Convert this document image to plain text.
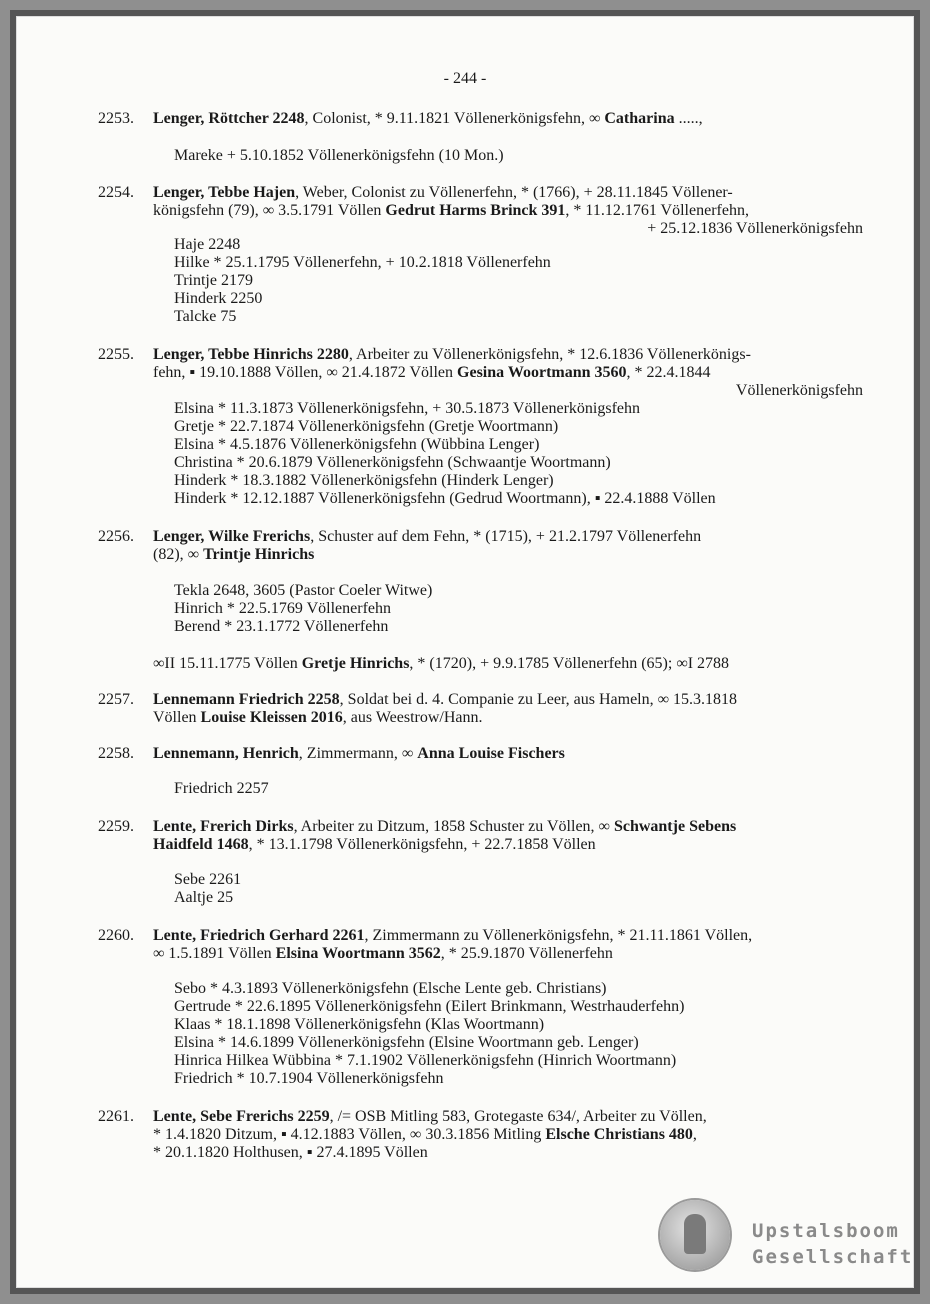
- 244 -
2253. Lenger, Röttcher 2248, Colonist, * 9.11.1821 Völlenerkönigsfehn, ∞ Catharina .....,
Mareke + 5.10.1852 Völlenerkönigsfehn (10 Mon.)
2254. Lenger, Tebbe Hajen, Weber, Colonist zu Völlenerfehn, * (1766), + 28.11.1845 Völlener-
königsfehn (79), ∞ 3.5.1791 Völlen Gedrut Harms Brinck 391, * 11.12.1761 Völlenerfehn,
+ 25.12.1836 Völlenerkönigsfehn
Haje 2248
Hilke * 25.1.1795 Völlenerfehn, + 10.2.1818 Völlenerfehn
Trintje 2179
Hinderk 2250
Talcke 75
2255. Lenger, Tebbe Hinrichs 2280, Arbeiter zu Völlenerkönigsfehn, * 12.6.1836 Völlenerkönigs-
fehn, ▪ 19.10.1888 Völlen, ∞ 21.4.1872 Völlen Gesina Woortmann 3560, * 22.4.1844
Völlenerkönigsfehn
Elsina * 11.3.1873 Völlenerkönigsfehn, + 30.5.1873 Völlenerkönigsfehn
Gretje * 22.7.1874 Völlenerkönigsfehn (Gretje Woortmann)
Elsina * 4.5.1876 Völlenerkönigsfehn (Wübbina Lenger)
Christina * 20.6.1879 Völlenerkönigsfehn (Schwaantje Woortmann)
Hinderk * 18.3.1882 Völlenerkönigsfehn (Hinderk Lenger)
Hinderk * 12.12.1887 Völlenerkönigsfehn (Gedrud Woortmann), ▪ 22.4.1888 Völlen
2256. Lenger, Wilke Frerichs, Schuster auf dem Fehn, * (1715), + 21.2.1797 Völlenerfehn
(82), ∞ Trintje Hinrichs
Tekla 2648, 3605 (Pastor Coeler Witwe)
Hinrich * 22.5.1769 Völlenerfehn
Berend * 23.1.1772 Völlenerfehn
∞II 15.11.1775 Völlen Gretje Hinrichs, * (1720), + 9.9.1785 Völlenerfehn (65); ∞I 2788
2257. Lennemann Friedrich 2258, Soldat bei d. 4. Companie zu Leer, aus Hameln, ∞ 15.3.1818
Völlen Louise Kleissen 2016, aus Weestrow/Hann.
2258. Lennemann, Henrich, Zimmermann, ∞ Anna Louise Fischers
Friedrich 2257
2259. Lente, Frerich Dirks, Arbeiter zu Ditzum, 1858 Schuster zu Völlen, ∞ Schwantje Sebens
Haidfeld 1468, * 13.1.1798 Völlenerkönigsfehn, + 22.7.1858 Völlen
Sebe 2261
Aaltje 25
2260. Lente, Friedrich Gerhard 2261, Zimmermann zu Völlenerkönigsfehn, * 21.11.1861 Völlen,
∞ 1.5.1891 Völlen Elsina Woortmann 3562, * 25.9.1870 Völlenerfehn
Sebo * 4.3.1893 Völlenerkönigsfehn (Elsche Lente geb. Christians)
Gertrude * 22.6.1895 Völlenerkönigsfehn (Eilert Brinkmann, Westrhauderfehn)
Klaas * 18.1.1898 Völlenerkönigsfehn (Klas Woortmann)
Elsina * 14.6.1899 Völlenerkönigsfehn (Elsine Woortmann geb. Lenger)
Hinrica Hilkea Wübbina * 7.1.1902 Völlenerkönigsfehn (Hinrich Woortmann)
Friedrich * 10.7.1904 Völlenerkönigsfehn
2261. Lente, Sebe Frerichs 2259, /= OSB Mitling 583, Grotegaste 634/, Arbeiter zu Völlen,
* 1.4.1820 Ditzum, ▪ 4.12.1883 Völlen, ∞ 30.3.1856 Mitling Elsche Christians 480,
* 20.1.1820 Holthusen, ▪ 27.4.1895 Völlen
Upstalsboom
Gesellschaft
